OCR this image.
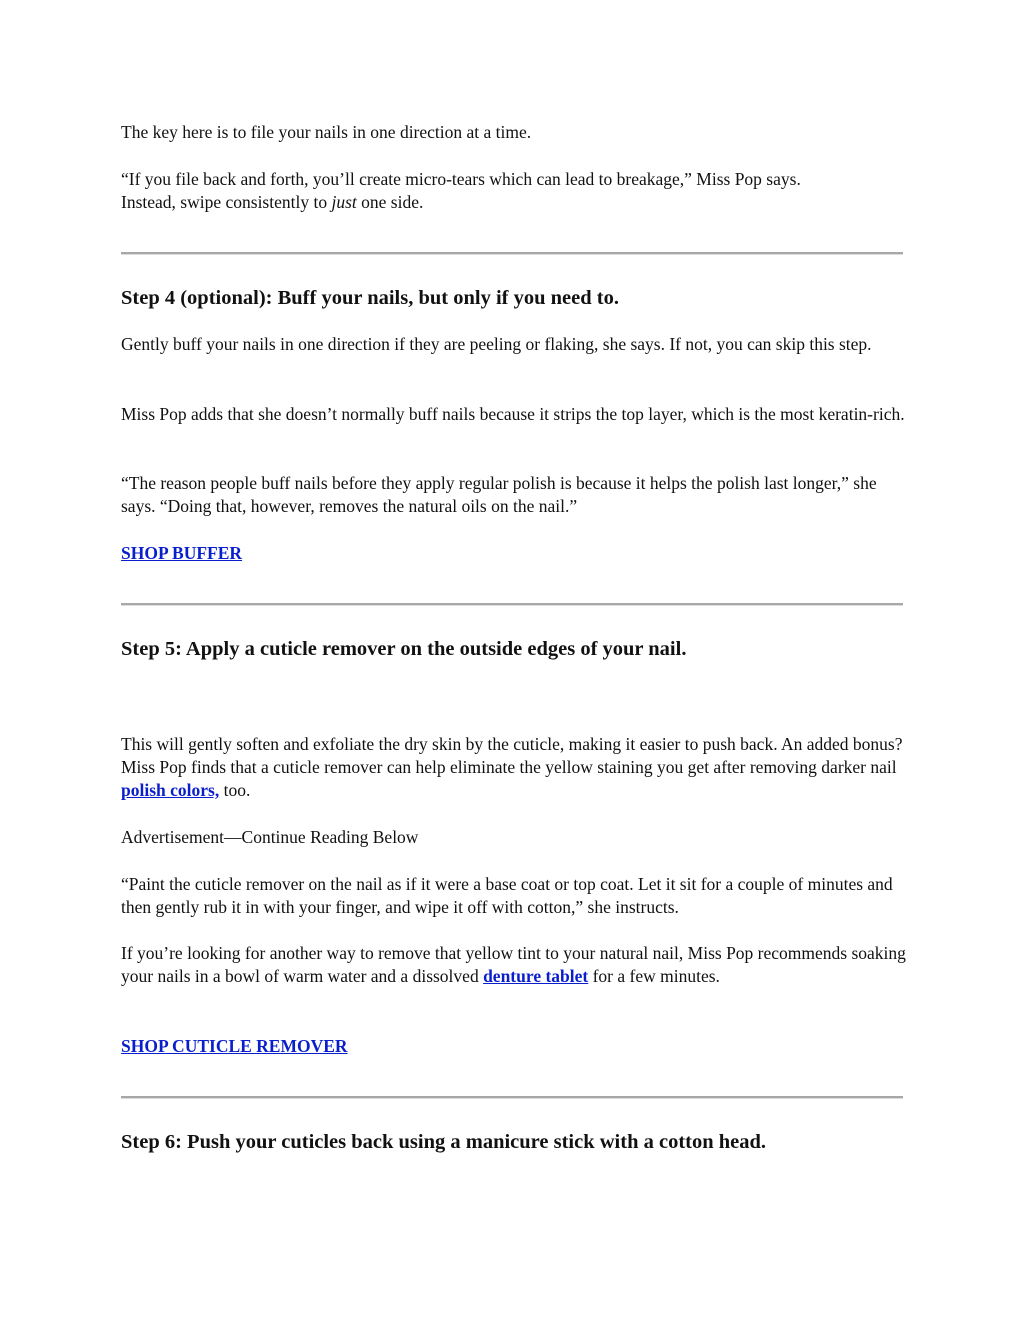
The key here is to file your nails in one direction at a time.

“If you file back and forth, you’ll create micro-tears which can lead to breakage,” Miss Pop says.
Instead, swipe consistently to just one side.

Step 4 (optional): Buff your nails, but only if you need to.

Gently buff your nails in one direction if they are peeling or flaking, she says. If not, you can skip this step.

Miss Pop adds that she doesn’t normally buff nails because it strips the top layer, which is the most keratin-rich.

“The reason people buff nails before they apply regular polish is because it helps the polish last longer,” she says. “Doing that, however, removes the natural oils on the nail.”

SHOP BUFFER

Step 5: Apply a cuticle remover on the outside edges of your nail.

This will gently soften and exfoliate the dry skin by the cuticle, making it easier to push back. An added bonus? Miss Pop finds that a cuticle remover can help eliminate the yellow staining you get after removing darker nail polish colors, too.

Advertisement—Continue Reading Below

“Paint the cuticle remover on the nail as if it were a base coat or top coat. Let it sit for a couple of minutes and then gently rub it in with your finger, and wipe it off with cotton,” she instructs.

If you’re looking for another way to remove that yellow tint to your natural nail, Miss Pop recommends soaking your nails in a bowl of warm water and a dissolved denture tablet for a few minutes.

SHOP CUTICLE REMOVER

Step 6: Push your cuticles back using a manicure stick with a cotton head.
